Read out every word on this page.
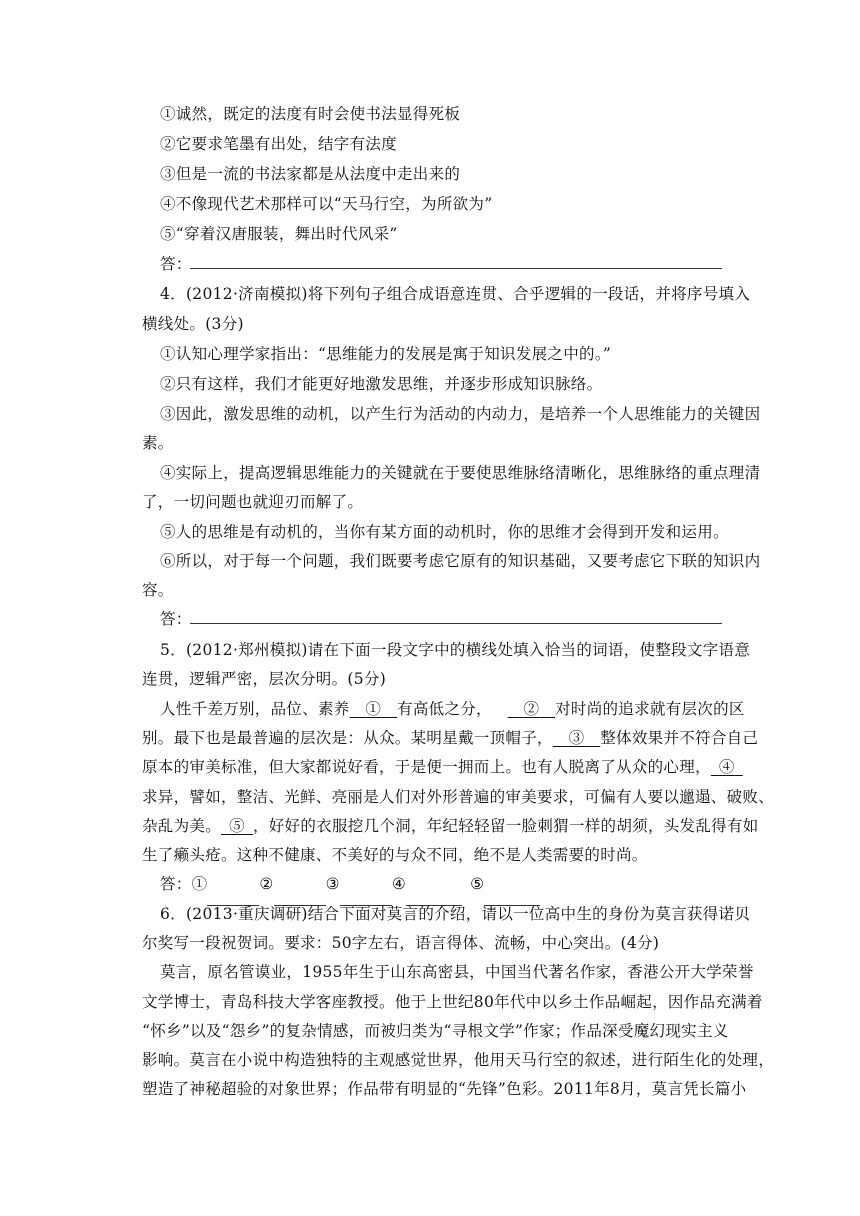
①诚然，既定的法度有时会使书法显得死板
②它要求笔墨有出处，结字有法度
③但是一流的书法家都是从法度中走出来的
④不像现代艺术那样可以“天马行空，为所欲为”
⑤“穿着汉唐服装，舞出时代风采”
答：
4．(2012·济南模拟)将下列句子组合成语意连贯、合乎逻辑的一段话，并将序号填入
横线处。(3分)
①认知心理学家指出：“思维能力的发展是寓于知识发展之中的。”
②只有这样，我们才能更好地激发思维，并逐步形成知识脉络。
③因此，激发思维的动机，以产生行为活动的内动力，是培养一个人思维能力的关键因
素。
④实际上，提高逻辑思维能力的关键就在于要使思维脉络清晰化，思维脉络的重点理清
了，一切问题也就迎刃而解了。
⑤人的思维是有动机的，当你有某方面的动机时，你的思维才会得到开发和运用。
⑥所以，对于每一个问题，我们既要考虑它原有的知识基础，又要考虑它下联的知识内
容。
答：
5．(2012·郑州模拟)请在下面一段文字中的横线处填入恰当的词语，使整段文字语意
连贯，逻辑严密，层次分明。(5分)
人性千差万别，品位、素养  ①  有高低之分，   ②  对时尚的追求就有层次的区
别。最下也是最普遍的层次是：从众。某明星戴一顶帽子，  ③  整体效果并不符合自己
原本的审美标准，但大家都说好看，于是便一拥而上。也有人脱离了从众的心理，  ④ 
求异，譬如，整洁、光鲜、亮丽是人们对外形普遍的审美要求，可偏有人要以邋遢、破败、
杂乱为美。  ⑤  ，好好的衣服挖几个洞，年纪轻轻留一脸刺猬一样的胡须，头发乱得有如
生了癞头疮。这种不健康、不美好的与众不同，绝不是人类需要的时尚。
答：①	②	③	④
 	⑤
6．(2013·重庆调研)结合下面对莫言的介绍，请以一位高中生的身份为莫言获得诺贝
尔奖写一段祝贺词。要求：50字左右，语言得体、流畅，中心突出。(4分)
莫言，原名管谟业，1955年生于山东高密县，中国当代著名作家，香港公开大学荣誉
文学博士，青岛科技大学客座教授。他于上世纪80年代中以乡土作品崛起，因作品充满着
“怀乡”以及“怨乡”的复杂情感，而被归类为“寻根文学”作家；作品深受魔幻现实主义
影响。莫言在小说中构造独特的主观感觉世界，他用天马行空的叙述，进行陌生化的处理，
塑造了神秘超验的对象世界；作品带有明显的“先锋”色彩。2011年8月，莫言凭长篇小
